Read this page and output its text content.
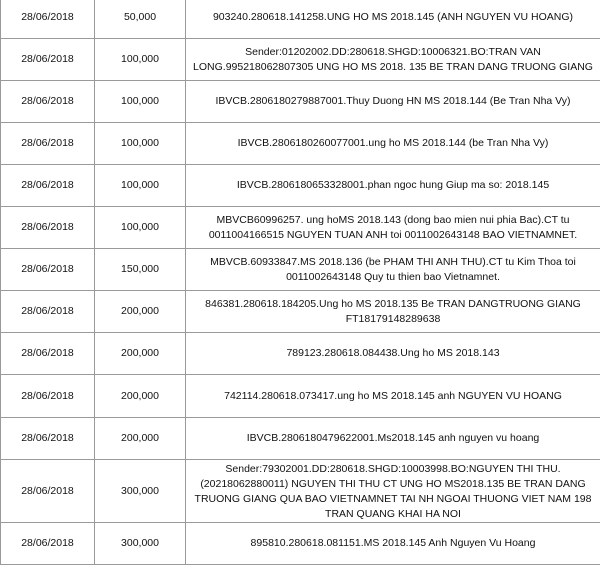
28/06/2018	50,000	903240.280618.141258.UNG HO MS 2018.145 (ANH NGUYEN VU HOANG)
28/06/2018	100,000	Sender:01202002.DD:280618.SHGD:10006321.BO:TRAN VAN LONG.995218062807305 UNG HO MS 2018. 135 BE TRAN DANG TRUONG GIANG
28/06/2018	100,000	IBVCB.2806180279887001.Thuy Duong HN MS 2018.144 (Be Tran Nha Vy)
28/06/2018	100,000	IBVCB.2806180260077001.ung ho MS 2018.144 (be Tran Nha Vy)
28/06/2018	100,000	IBVCB.2806180653328001.phan ngoc hung Giup ma so: 2018.145
28/06/2018	100,000	MBVCB60996257. ung hoMS 2018.143 (dong bao mien nui phia Bac).CT tu 0011004166515 NGUYEN TUAN ANH toi 0011002643148 BAO VIETNAMNET.
28/06/2018	150,000	MBVCB.60933847.MS 2018.136 (be PHAM THI ANH THU).CT tu Kim Thoa toi 0011002643148 Quy tu thien bao Vietnamnet.
28/06/2018	200,000	846381.280618.184205.Ung ho MS 2018.135 Be TRAN DANGTRUONG GIANG FT18179148289638
28/06/2018	200,000	789123.280618.084438.Ung ho MS 2018.143
28/06/2018	200,000	742114.280618.073417.ung ho MS 2018.145 anh NGUYEN VU HOANG
28/06/2018	200,000	IBVCB.2806180479622001.Ms2018.145 anh nguyen vu hoang
28/06/2018	300,000	Sender:79302001.DD:280618.SHGD:10003998.BO:NGUYEN THI THU.(20218062880011) NGUYEN THI THU CT UNG HO MS2018.135 BE TRAN DANG TRUONG GIANG QUA BAO VIETNAMNET TAI NH NGOAI THUONG VIET NAM 198 TRAN QUANG KHAI HA NOI
28/06/2018	300,000	895810.280618.081151.MS 2018.145 Anh Nguyen Vu Hoang
